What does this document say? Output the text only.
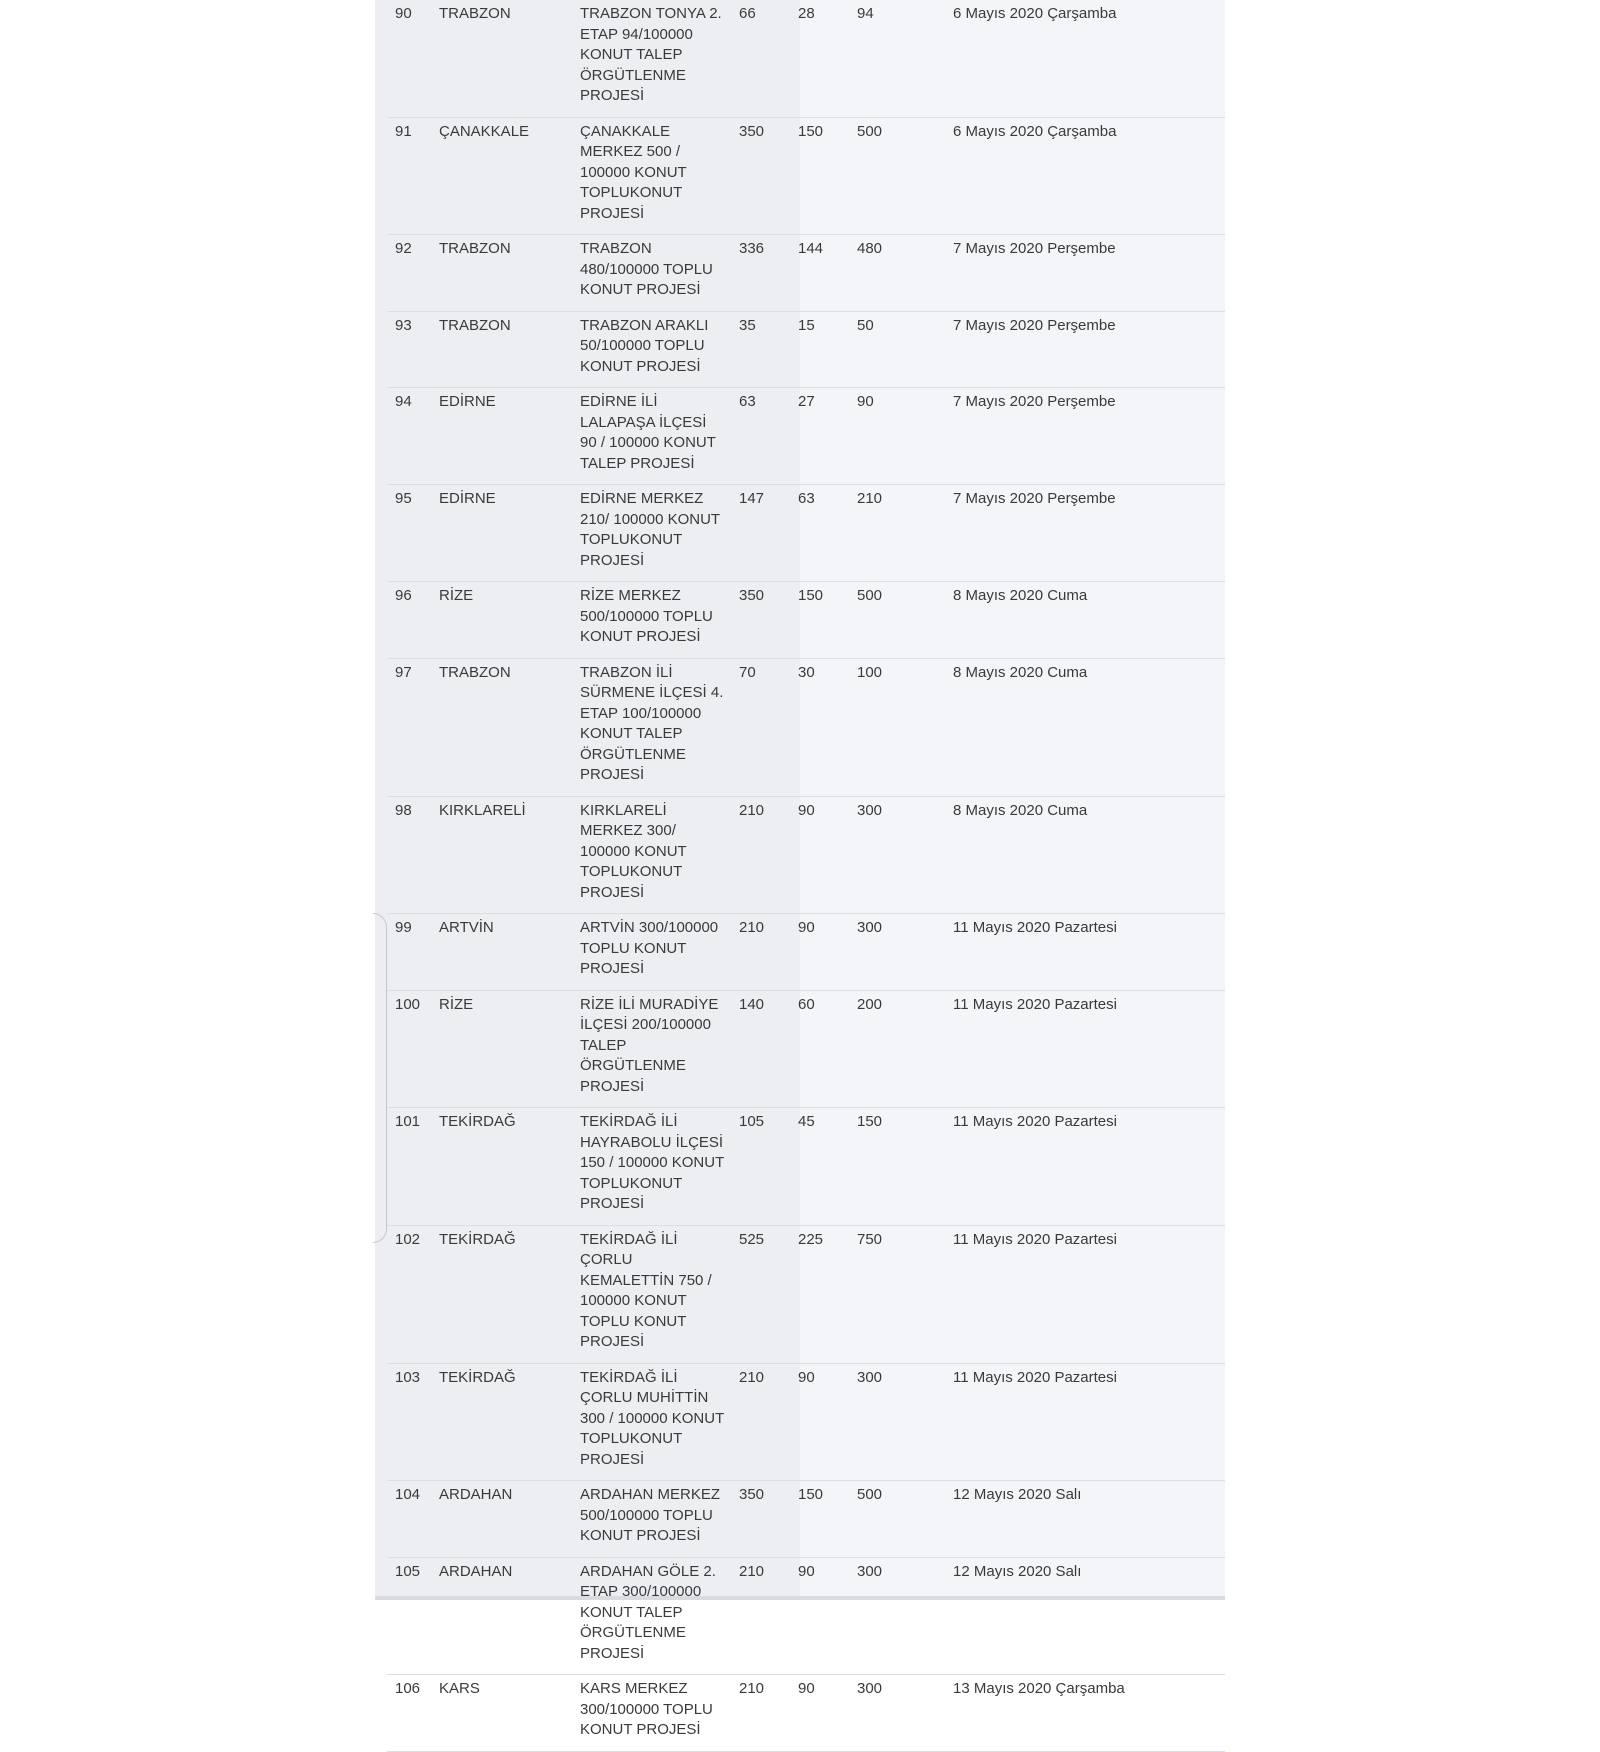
90	TRABZON	TRABZON TONYA 2. ETAP 94/100000 KONUT TALEP ÖRGÜTLENME PROJESİ	66	28	94	6 Mayıs 2020 Çarşamba
91	ÇANAKKALE	ÇANAKKALE MERKEZ 500 / 100000 KONUT TOPLUKONUT PROJESİ	350	150	500	6 Mayıs 2020 Çarşamba
92	TRABZON	TRABZON 480/100000 TOPLU KONUT PROJESİ	336	144	480	7 Mayıs 2020 Perşembe
93	TRABZON	TRABZON ARAKLI 50/100000 TOPLU KONUT PROJESİ	35	15	50	7 Mayıs 2020 Perşembe
94	EDİRNE	EDİRNE İLİ LALAPAŞA İLÇESİ 90 / 100000 KONUT TALEP PROJESİ	63	27	90	7 Mayıs 2020 Perşembe
95	EDİRNE	EDİRNE MERKEZ 210/ 100000 KONUT TOPLUKONUT PROJESİ	147	63	210	7 Mayıs 2020 Perşembe
96	RİZE	RİZE MERKEZ 500/100000 TOPLU KONUT PROJESİ	350	150	500	8 Mayıs 2020 Cuma
97	TRABZON	TRABZON İLİ SÜRMENE İLÇESİ 4. ETAP 100/100000 KONUT TALEP ÖRGÜTLENME PROJESİ	70	30	100	8 Mayıs 2020 Cuma
98	KIRKLARELİ	KIRKLARELİ MERKEZ 300/ 100000 KONUT TOPLUKONUT PROJESİ	210	90	300	8 Mayıs 2020 Cuma
99	ARTVİN	ARTVİN 300/100000 TOPLU KONUT PROJESİ	210	90	300	11 Mayıs 2020 Pazartesi
100	RİZE	RİZE İLİ MURADİYE İLÇESİ 200/100000 TALEP ÖRGÜTLENME PROJESİ	140	60	200	11 Mayıs 2020 Pazartesi
101	TEKİRDAĞ	TEKİRDAĞ İLİ HAYRABOLU İLÇESİ 150 / 100000 KONUT TOPLUKONUT PROJESİ	105	45	150	11 Mayıs 2020 Pazartesi
102	TEKİRDAĞ	TEKİRDAĞ İLİ ÇORLU KEMALETTİN 750 / 100000 KONUT TOPLU KONUT PROJESİ	525	225	750	11 Mayıs 2020 Pazartesi
103	TEKİRDAĞ	TEKİRDAĞ İLİ ÇORLU MUHİTTİN 300 / 100000 KONUT TOPLUKONUT PROJESİ	210	90	300	11 Mayıs 2020 Pazartesi
104	ARDAHAN	ARDAHAN MERKEZ 500/100000 TOPLU KONUT PROJESİ	350	150	500	12 Mayıs 2020 Salı
105	ARDAHAN	ARDAHAN GÖLE 2. ETAP 300/100000 KONUT TALEP ÖRGÜTLENME PROJESİ	210	90	300	12 Mayıs 2020 Salı
106	KARS	KARS MERKEZ 300/100000 TOPLU KONUT PROJESİ	210	90	300	13 Mayıs 2020 Çarşamba
